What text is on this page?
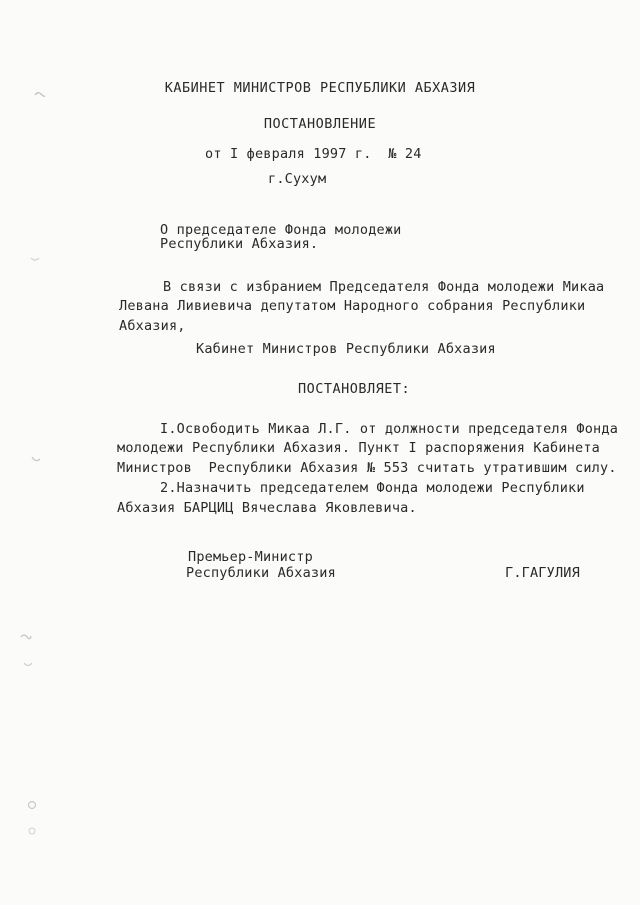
КАБИНЕТ МИНИСТРОВ РЕСПУБЛИКИ АБХАЗИЯ
ПОСТАНОВЛЕНИЕ
от I февраля 1997 г.  № 24
г.Сухум
О председателе Фонда молодежи
Республики Абхазия.
В связи с избранием Председателя Фонда молодежи Микаа
Левана Ливиевича депутатом Народного собрания Республики
Абхазия,
Кабинет Министров Республики Абхазия
ПОСТАНОВЛЯЕТ:
I.Освободить Микаа Л.Г. от должности председателя Фонда
молодежи Республики Абхазия. Пункт I распоряжения Кабинета
Министров  Республики Абхазия № 553 считать утратившим силу.
2.Назначить председателем Фонда молодежи Республики
Абхазия БАРЦИЦ Вячеслава Яковлевича.
Премьер-Министр
Республики Абхазия	Г.ГАГУЛИЯ
